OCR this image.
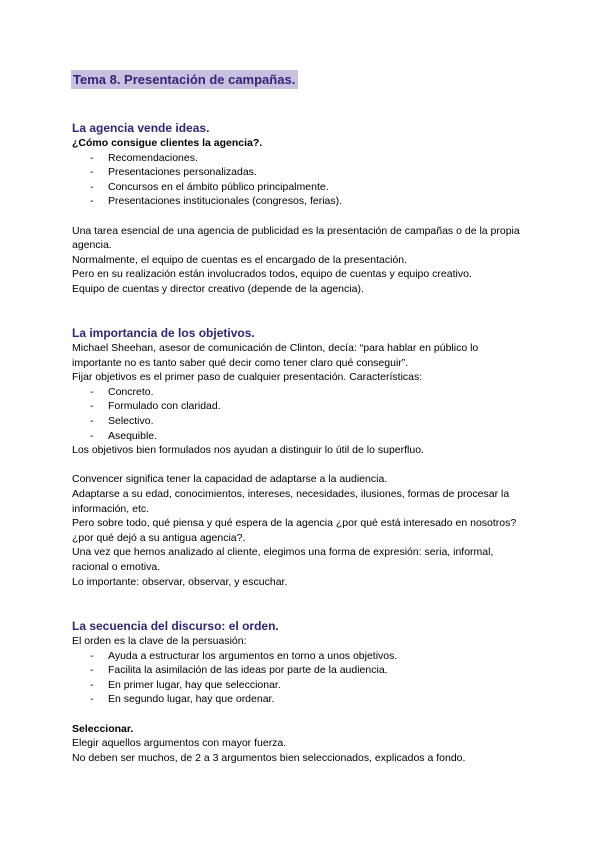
Tema 8. Presentación de campañas.
La agencia vende ideas.

¿Cómo consigue clientes la agencia?.

- Recomendaciones.
- Presentaciones personalizadas.
- Concursos en el ámbito público principalmente.
- Presentaciones institucionales (congresos, ferias).

Una tarea esencial de una agencia de publicidad es la presentación de campañas o de la propia agencia.

Normalmente, el equipo de cuentas es el encargado de la presentación.

Pero en su realización están involucrados todos, equipo de cuentas y equipo creativo.

Equipo de cuentas y director creativo (depende de la agencia).

La importancia de los objetivos.

Michael Sheehan, asesor de comunicación de Clinton, decía: “para hablar en público lo importante no es tanto saber qué decir como tener claro qué conseguir”.

Fijar objetivos es el primer paso de cualquier presentación. Características:

- Concreto.
- Formulado con claridad.
- Selectivo.
- Asequible.

Los objetivos bien formulados nos ayudan a distinguir lo útil de lo superfluo.

Convencer significa tener la capacidad de adaptarse a la audiencia.

Adaptarse a su edad, conocimientos, intereses, necesidades, ilusiones, formas de procesar la información, etc.

Pero sobre todo, qué piensa y qué espera de la agencia ¿por qué está interesado en nosotros? ¿por qué dejó a su antigua agencia?.

Una vez que hemos analizado al cliente, elegimos una forma de expresión: seria, informal, racional o emotiva.

Lo importante: observar, observar, y escuchar.

La secuencia del discurso: el orden.

El orden es la clave de la persuasión:

- Ayuda a estructurar los argumentos en torno a unos objetivos.
- Facilita la asimilación de las ideas por parte de la audiencia.
- En primer lugar, hay que seleccionar.
- En segundo lugar, hay que ordenar.

Seleccionar.

Elegir aquellos argumentos con mayor fuerza.

No deben ser muchos, de 2 a 3 argumentos bien seleccionados, explicados a fondo.
